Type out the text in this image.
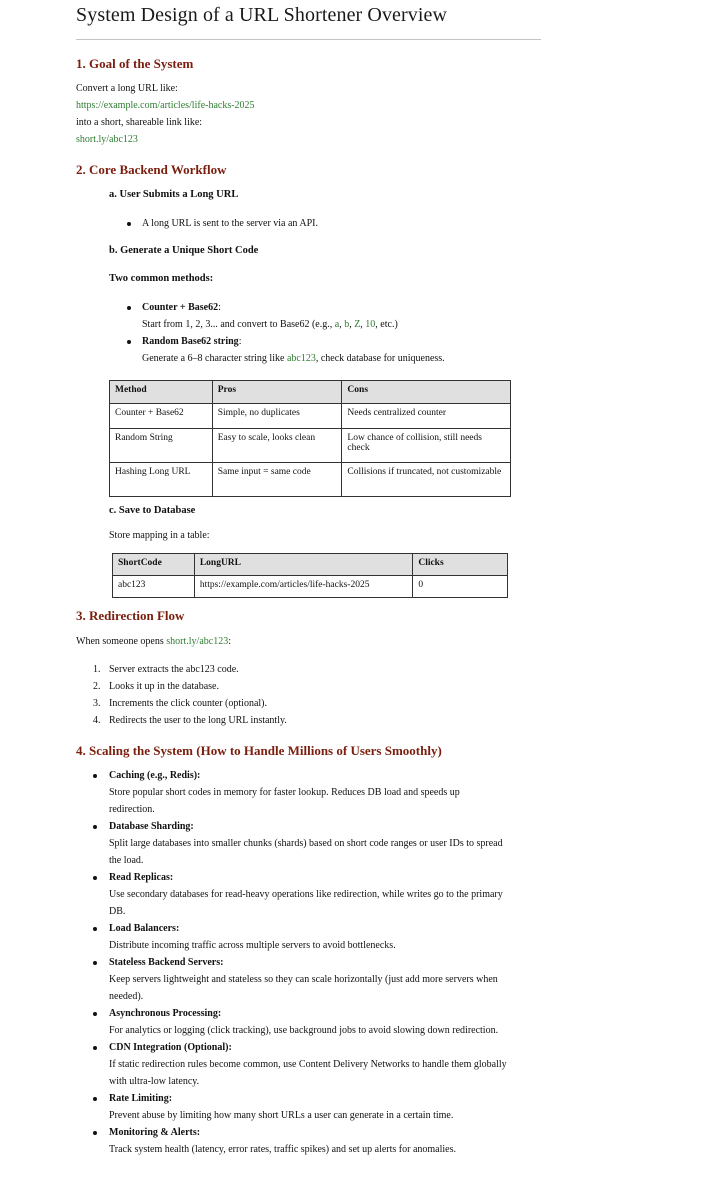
System Design of a URL Shortener Overview
1. Goal of the System

Convert a long URL like:

https://example.com/articles/life-hacks-2025

into a short, shareable link like:

short.ly/abc123

2. Core Backend Workflow
a. User Submits a Long URL

A long URL is sent to the server via an API.

b. Generate a Unique Short Code
Two common methods:

Counter + Base62:

Start from 1, 2, 3... and convert to Base62 (e.g., a, b, Z, 10, etc.)

Random Base62 string:

Generate a 6–8 character string like abc123, check database for uniqueness.

Method	Pros	Cons
Counter + Base62	Simple, no duplicates	Needs centralized counter
Random String	Easy to scale, looks clean	Low chance of collision, still needs check
Hashing Long URL	Same input = same code	Collisions if truncated, not customizable
c. Save to Database

Store mapping in a table:

ShortCode	LongURL	Clicks
abc123	https://example.com/articles/life-hacks-2025	0
3. Redirection Flow

When someone opens short.ly/abc123:

1. Server extracts the abc123 code.

2. Looks it up in the database.

3. Increments the click counter (optional).

4. Redirects the user to the long URL instantly.

4. Scaling the System (How to Handle Millions of Users Smoothly)

Caching (e.g., Redis):

Store popular short codes in memory for faster lookup. Reduces DB load and speeds up

redirection.

Database Sharding:

Split large databases into smaller chunks (shards) based on short code ranges or user IDs to spread

the load.

Read Replicas:

Use secondary databases for read-heavy operations like redirection, while writes go to the primary

DB.

Load Balancers:

Distribute incoming traffic across multiple servers to avoid bottlenecks.

Stateless Backend Servers:

Keep servers lightweight and stateless so they can scale horizontally (just add more servers when

needed).

Asynchronous Processing:

For analytics or logging (click tracking), use background jobs to avoid slowing down redirection.

CDN Integration (Optional):

If static redirection rules become common, use Content Delivery Networks to handle them globally

with ultra-low latency.

Rate Limiting:

Prevent abuse by limiting how many short URLs a user can generate in a certain time.

Monitoring & Alerts:

Track system health (latency, error rates, traffic spikes) and set up alerts for anomalies.
